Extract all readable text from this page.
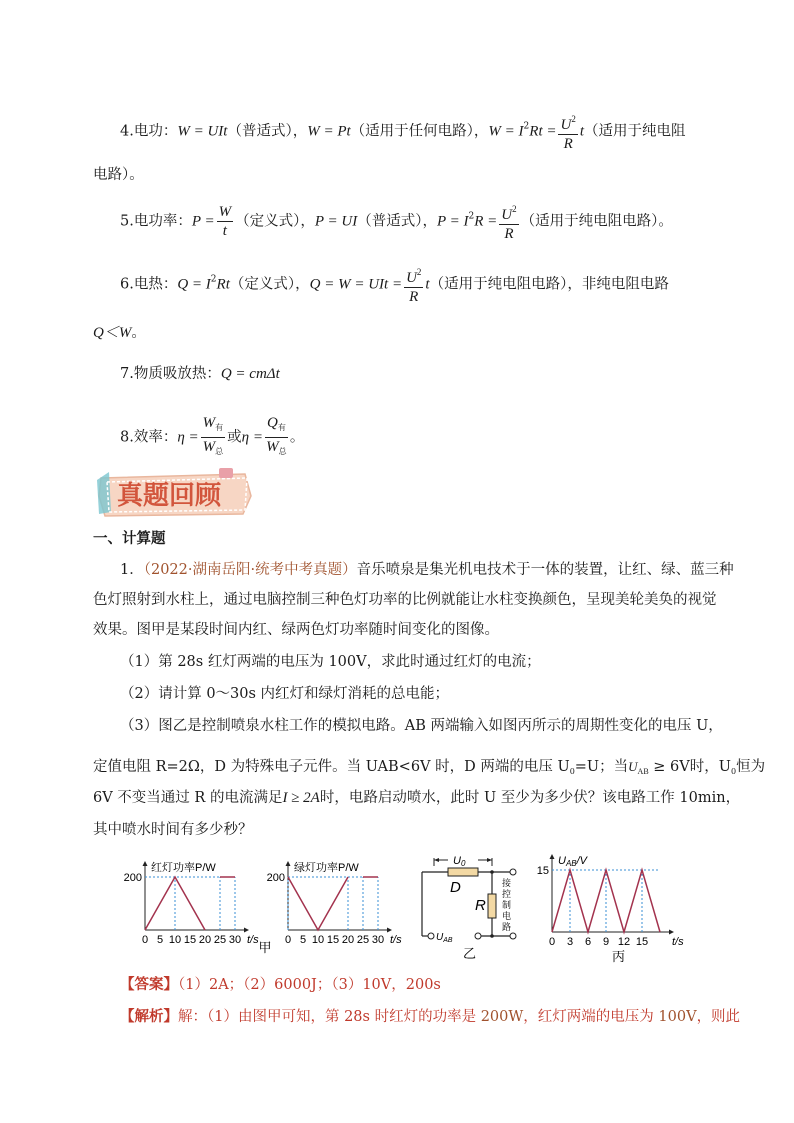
4.电功：W = UIt（普适式），W = Pt（适用于任何电路），$W = I^2Rt = \frac{U^2}{R} t$（适用于纯电阻
电路）。
5.电功率：$P = \frac{W}{t}$ （定义式），P = UI（普适式），$P = I^2R = \frac{U^2}{R}$ （适用于纯电阻电路）。
6.电热：$Q = I^2Rt$（定义式），Q = W = UIt = $\frac{U^2}{R} t$（适用于纯电阻电路），非纯电阻电路
Q＜W。
7.物质吸放热：Q = cmΔt
8.效率：$\eta = \frac{W_有}{W_总}$ 或$\eta = \frac{Q_有}{W_总}$ 。
真题回顾
一、计算题
1．（2022·湖南岳阳·统考中考真题）音乐喷泉是集光机电技术于一体的装置，让红、绿、蓝三种
色灯照射到水柱上，通过电脑控制三种色灯功率的比例就能让水柱变换颜色，呈现美轮美奂的视觉
效果。图甲是某段时间内红、绿两色灯功率随时间变化的图像。
（1）第 28s 红灯两端的电压为 100V，求此时通过红灯的电流；
（2）请计算 0～30s 内红灯和绿灯消耗的总电能；
（3）图乙是控制喷泉水柱工作的模拟电路。AB 两端输入如图丙所示的周期性变化的电压 U，
定值电阻 R=2Ω，D 为特殊电子元件。当 UAB<6V 时，D 两端的电压 $U_0=U$；当$U_{AB} \ge 6V$时，$U_0$恒为
6V 不变当通过 R 的电流满足I ≥ 2A时，电路启动喷水，此时 U 至少为多少伏？该电路工作 10min，
其中喷水时间有多少秒？
红灯功率P/W
0 5 10 15 20 25 30 t/s
200
绿灯功率P/W
0 5 10 15 20 25 30 t/s
200
甲
U0
D
R
$U_{AB}$
接
控
制
电
路
乙
UAB/V
0 3 6 9 12 15 t/s
15
丙
【答案】（1）2A；（2）6000J；（3）10V，200s
【解析】解：（1）由图甲可知，第 28s 时红灯的功率是 200W，红灯两端的电压为 100V，则此
